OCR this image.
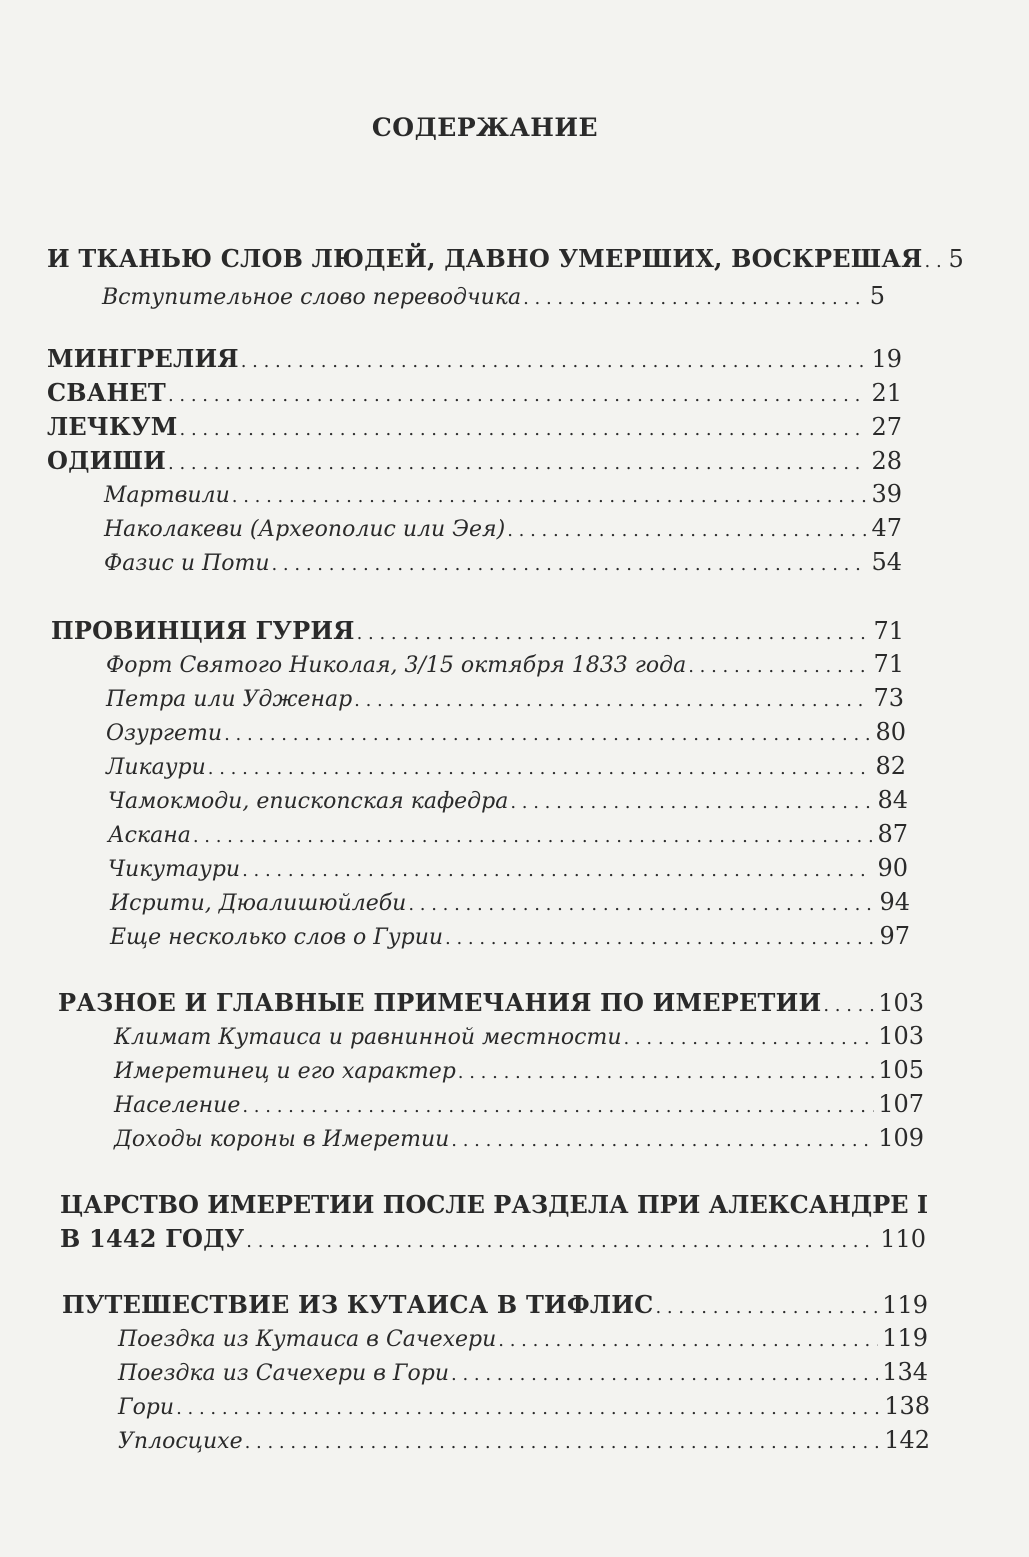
СОДЕРЖАНИЕ
И ТКАНЬЮ СЛОВ ЛЮДЕЙ, ДАВНО УМЕРШИХ, ВОСКРЕШАЯ . . . 5
Вступительное слово переводчика . . .	5
МИНГРЕЛИЯ . . .	19
СВАНЕТ . . .	21
ЛЕЧКУМ . . .	27
ОДИШИ . . .	28
Мартвили . . .	39
Наколакеви (Археополис или Эея) . . .	47
Фазис и Поти . . .	54
ПРОВИНЦИЯ ГУРИЯ . . .	71
Форт Святого Николая, 3/15 октября 1833 года . . .	71
Петра или Удженар . . .	73
Озургети . . .	80
Ликаури . . .	82
Чамокмоди, епископская кафедра . . .	84
Аскана . . .	87
Чикутаури . . .	90
Исрити, Дюалишюйлеби . . .	94
Еще несколько слов о Гурии . . .	97
РАЗНОЕ И ГЛАВНЫЕ ПРИМЕЧАНИЯ ПО ИМЕРЕТИИ . . . 103
Климат Кутаиса и равнинной местности . . .	103
Имеретинец и его характер . . .	105
Население . . .	107
Доходы короны в Имеретии . . .	109
ЦАРСТВО ИМЕРЕТИИ ПОСЛЕ РАЗДЕЛА ПРИ АЛЕКСАНДРЕ I
В 1442 ГОДУ . . .	110
ПУТЕШЕСТВИЕ ИЗ КУТАИСА В ТИФЛИС . . .	119
Поездка из Кутаиса в Сачехери . . .	119
Поездка из Сачехери в Гори . . .	134
Гори . . .	138
Уплосцихе . . .	142
